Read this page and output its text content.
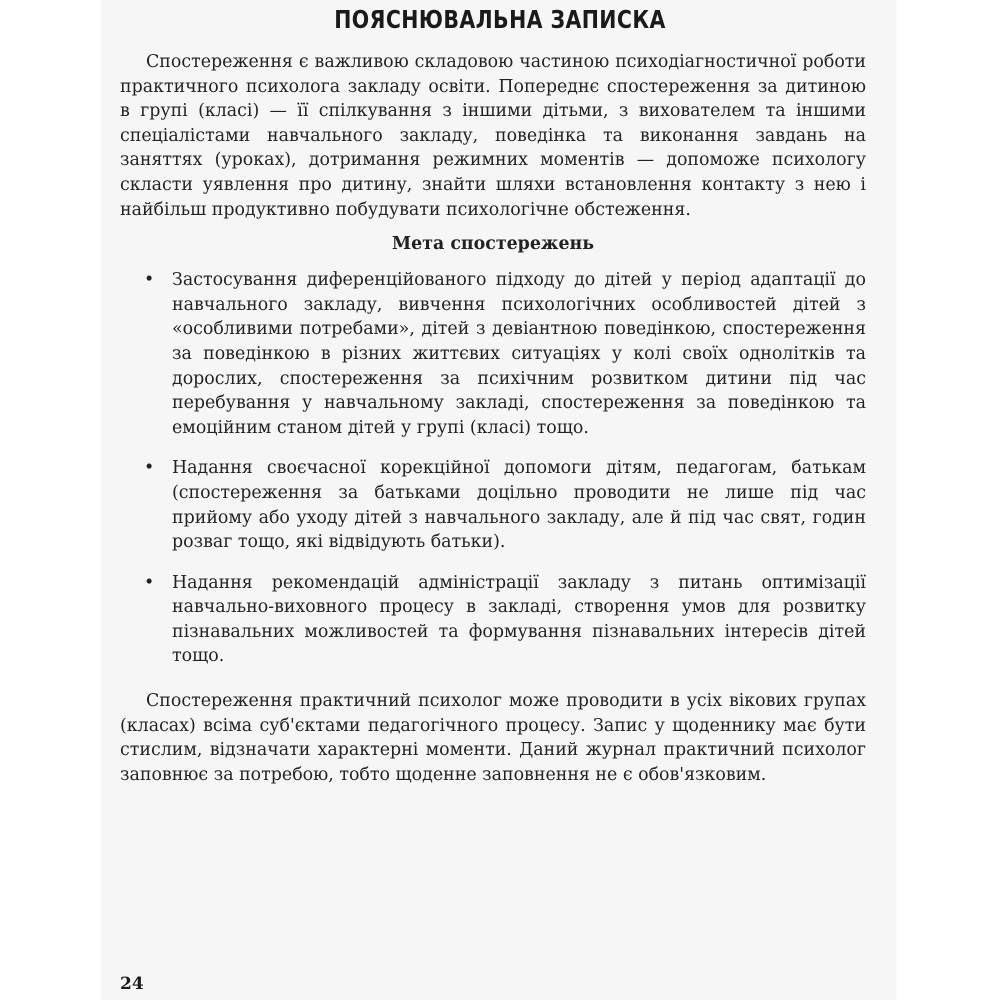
ПОЯСНЮВАЛЬНА ЗАПИСКА

Спостереження є важливою складовою частиною психодіагностичної роботи практичного психолога закладу освіти. Попереднє спостереження за дитиною в групі (класі) — її спілкування з іншими дітьми, з вихователем та іншими спеціалістами навчального закладу, поведінка та виконання завдань на заняттях (уроках), дотримання режимних моментів — допоможе психологу скласти уявлення про дитину, знайти шляхи встановлення контакту з нею і найбільш продуктивно побудувати психологічне обстеження.

Мета спостережень
• Застосування диференційованого підходу до дітей у період адаптації до навчального закладу, вивчення психологічних особливостей дітей з «особливими потребами», дітей з девіантною поведінкою, спостереження за поведінкою в різних життєвих ситуаціях у колі своїх однолітків та дорослих, спостереження за психічним розвитком дитини під час перебування у навчальному закладі, спостереження за поведінкою та емоційним станом дітей у групі (класі) тощо.
• Надання своєчасної корекційної допомоги дітям, педагогам, батькам (спостереження за батьками доцільно проводити не лише під час прийому або уходу дітей з навчального закладу, але й під час свят, годин розваг тощо, які відвідують батьки).
• Надання рекомендацій адміністрації закладу з питань оптимізації навчально-виховного процесу в закладі, створення умов для розвитку пізнавальних можливостей та формування пізнавальних інтересів дітей тощо.

Спостереження практичний психолог може проводити в усіх вікових групах (класах) всіма суб'єктами педагогічного процесу. Запис у щоденнику має бути стислим, відзначати характерні моменти. Даний журнал практичний психолог заповнює за потребою, тобто щоденне заповнення не є обов'язковим.

24
